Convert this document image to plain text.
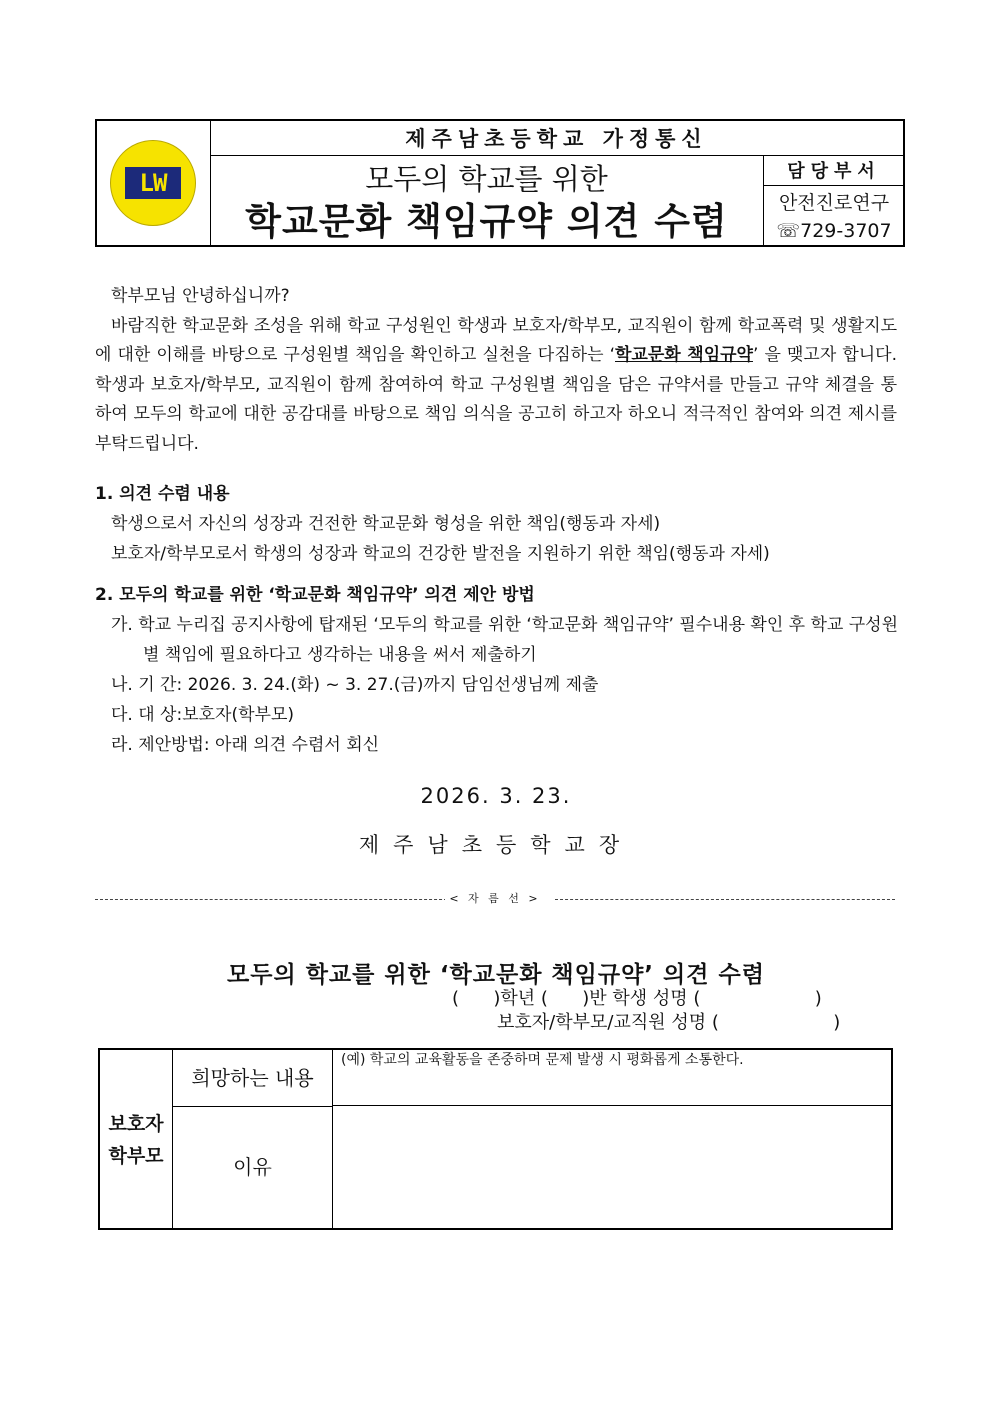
LW
제주남초등학교 가정통신
모두의 학교를 위한
학교문화 책임규약 의견 수렴
담당부서
안전진로연구
☏729-3707
학부모님 안녕하십니까?
바람직한 학교문화 조성을 위해 학교 구성원인 학생과 보호자/학부모, 교직원이 함께 학교폭력 및 생활지도에 대한 이해를 바탕으로 구성원별 책임을 확인하고 실천을 다짐하는 ‘학교문화 책임규약’ 을 맺고자 합니다. 학생과 보호자/학부모, 교직원이 함께 참여하여 학교 구성원별 책임을 담은 규약서를 만들고 규약 체결을 통하여 모두의 학교에 대한 공감대를 바탕으로 책임 의식을 공고히 하고자 하오니 적극적인 참여와 의견 제시를 부탁드립니다.
1. 의견 수렴 내용
학생으로서 자신의 성장과 건전한 학교문화 형성을 위한 책임(행동과 자세)
보호자/학부모로서 학생의 성장과 학교의 건강한 발전을 지원하기 위한 책임(행동과 자세)
2. 모두의 학교를 위한 ‘학교문화 책임규약’ 의견 제안 방법
가. 학교 누리집 공지사항에 탑재된 ‘모두의 학교를 위한 ‘학교문화 책임규약’ 필수내용 확인 후 학교 구성원
별 책임에 필요하다고 생각하는 내용을 써서 제출하기
나. 기 간: 2026. 3. 24.(화) ~ 3. 27.(금)까지 담임선생님께 제출
다. 대 상:보호자(학부모)
라. 제안방법: 아래 의견 수렴서 회신
2026. 3. 23.
제주남초등학교장
< 자 름 선 >
모두의 학교를 위한 ‘학교문화 책임규약’ 의견 수렴
(      )학년 (      )반 학생 성명 (                    )
보호자/학부모/교직원 성명 (                    )
보호자
학부모
희망하는 내용
(예) 학교의 교육활동을 존중하며 문제 발생 시 평화롭게 소통한다.
이유
